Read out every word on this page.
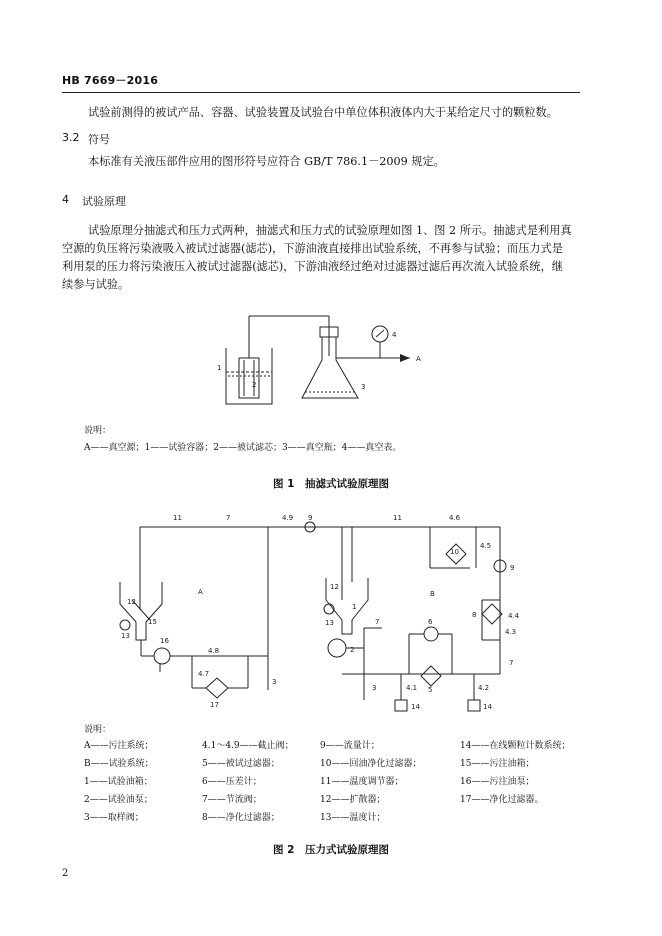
HB 7669－2016
试验前测得的被试产品、容器、试验装置及试验台中单位体积液体内大于某给定尺寸的颗粒数。
3.2 符号
本标准有关液压部件应用的图形符号应符合 GB/T 786.1－2009 规定。
4 试验原理
试验原理分抽滤式和压力式两种，抽滤式和压力式的试验原理如图 1、图 2 所示。抽滤式是利用真
空源的负压将污染液吸入被试过滤器(滤芯)，下游油液直接排出试验系统，不再参与试验；而压力式是
利用泵的压力将污染液压入被试过滤器(滤芯)，下游油液经过绝对过滤器过滤后再次流入试验系统，继
续参与试验。
A
1
2	3
4
说明：
A——真空源；1——试验容器；2——被试滤芯；3——真空瓶；4——真空表。
图 1　抽滤式试验原理图
11	7	4.9 9	11	4.6
4.5
10
9
A	B
12
15
13
16
4.8
4.7
17
3
12
1
13	7	6
2
8	4.4
4.3
7
3	4.1 5	4.2
14	14
说明：
A——污注系统；	4.1～4.9——截止阀；	9——流量计；	14——在线颗粒计数系统；
B——试验系统；	5——被试过滤器；	10——回油净化过滤器；	15——污注油箱；
1——试验油箱；	6——压差计；	11——温度调节器；	16——污注油泵；
2——试验油泵；	7——节流阀；	12——扩散器；	17——净化过滤器。
3——取样阀；	8——净化过滤器；	13——温度计；
图 2　压力式试验原理图
2
